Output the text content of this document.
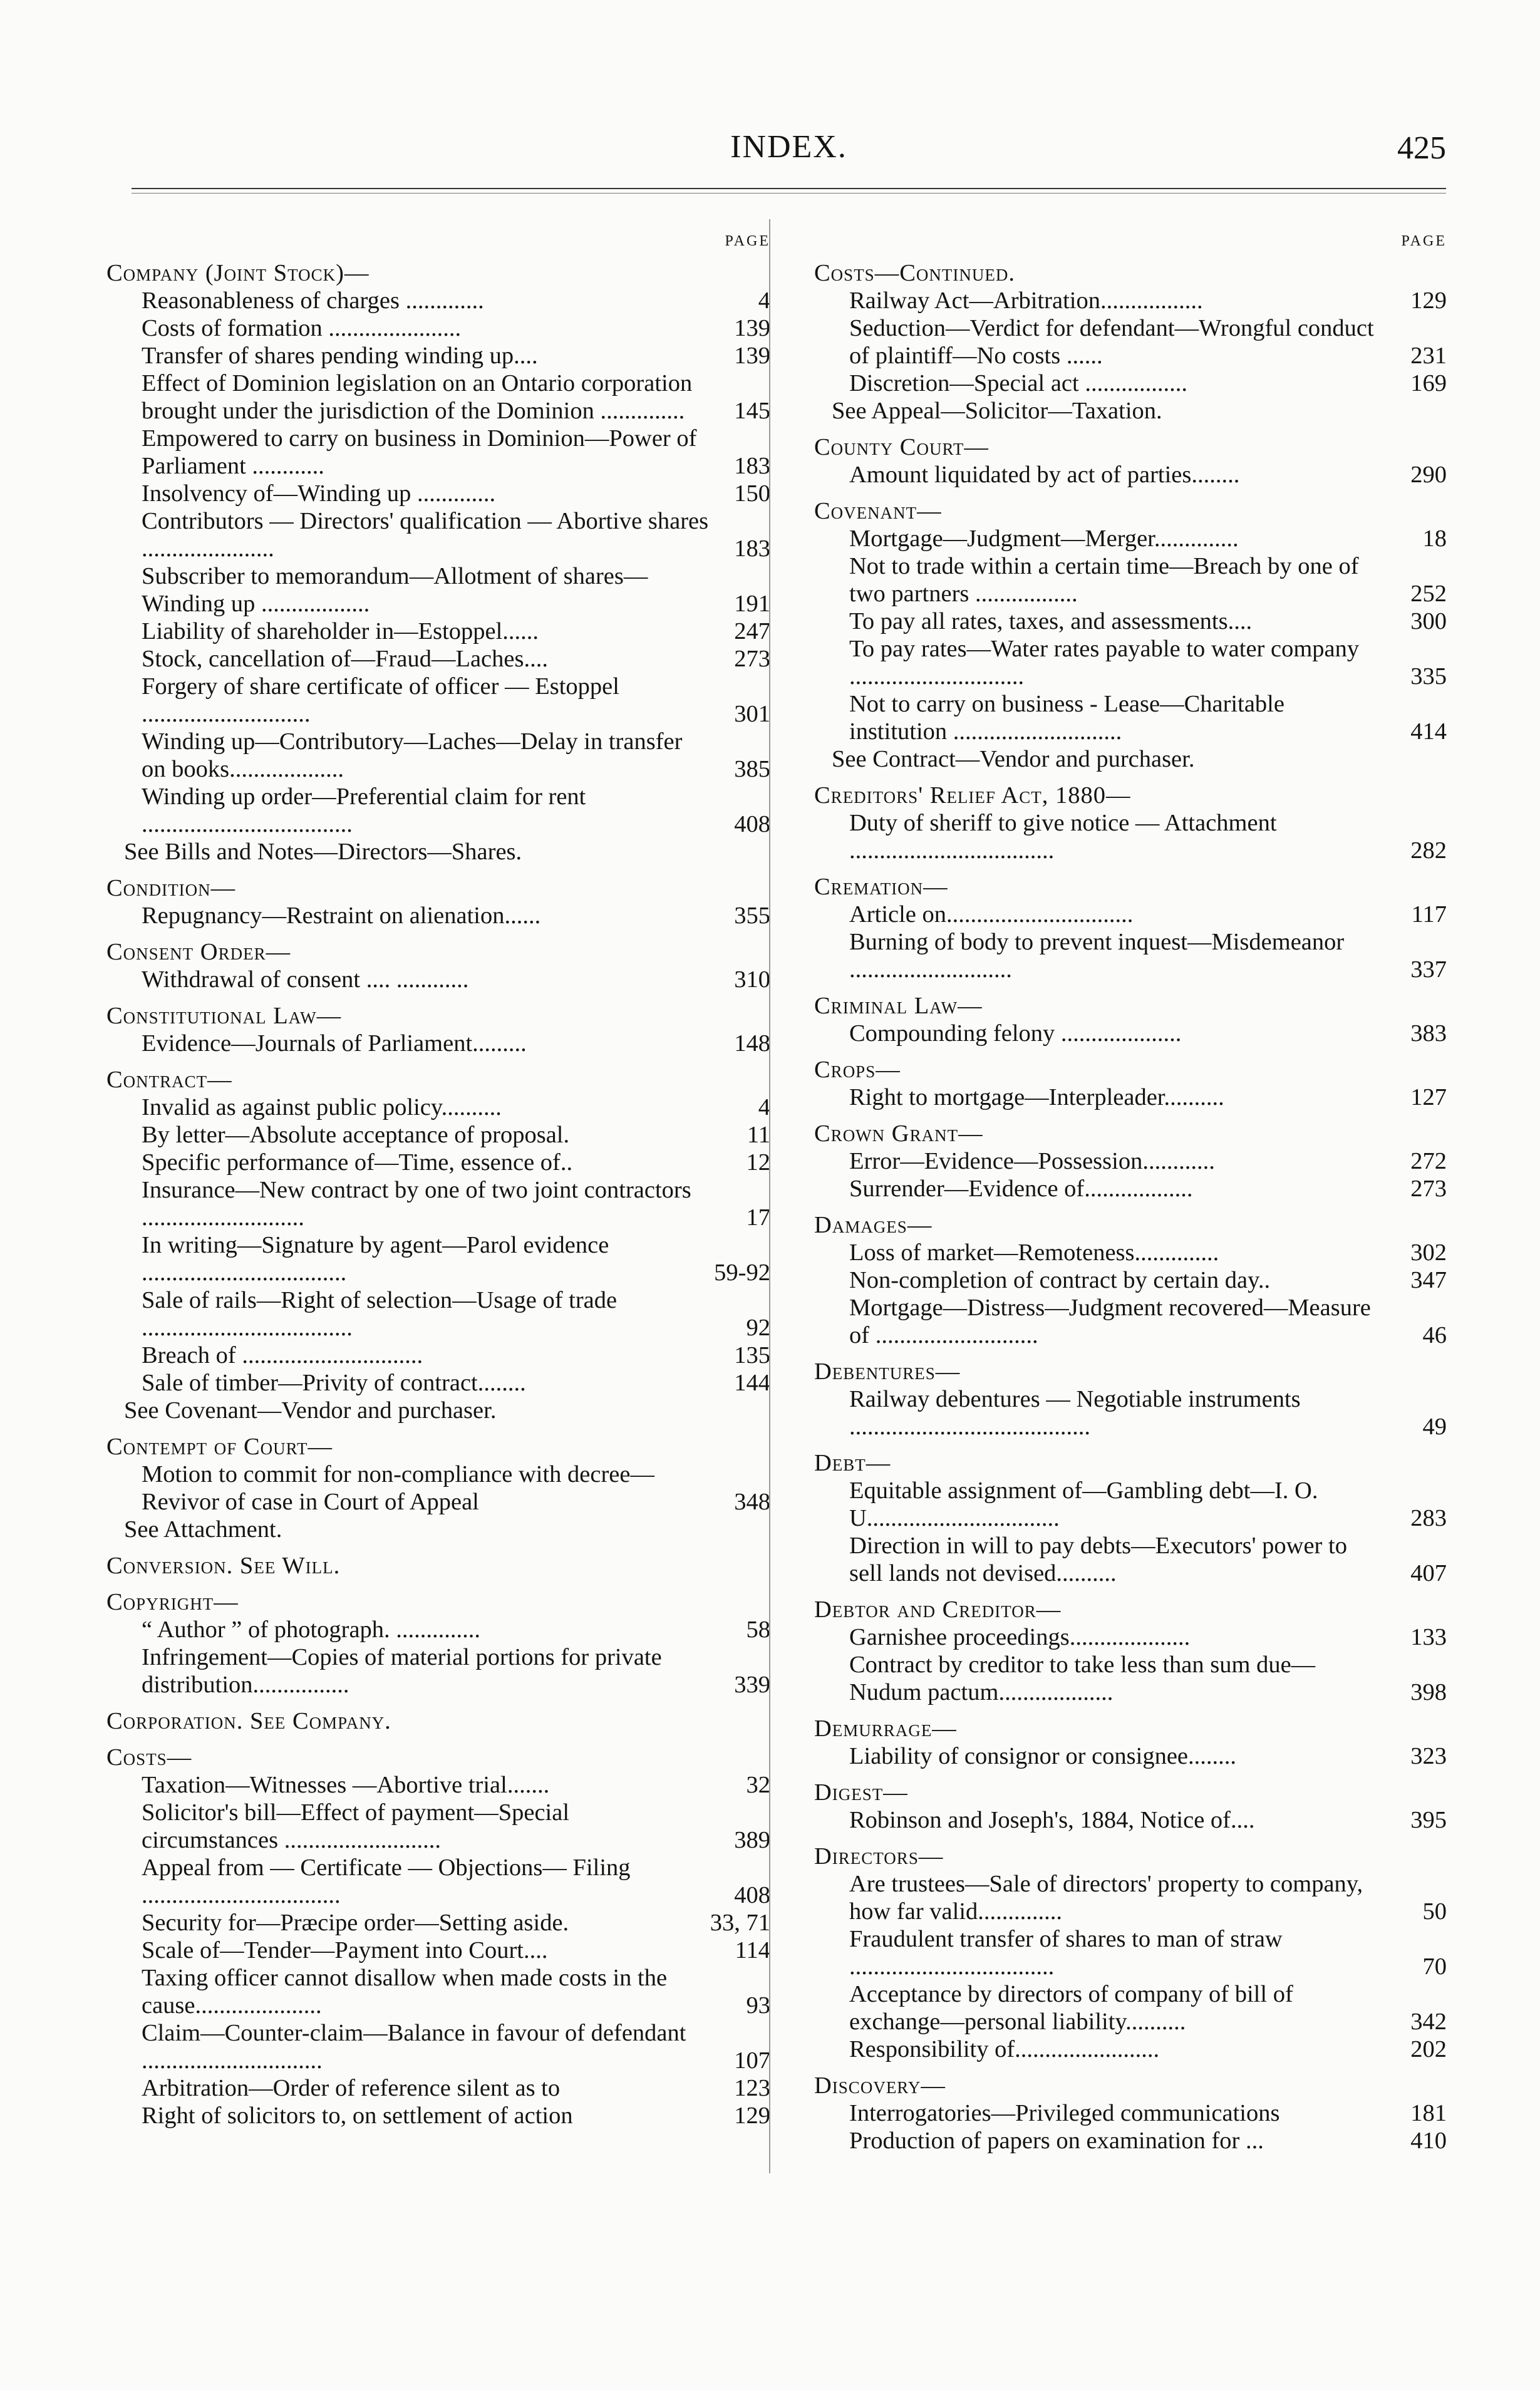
INDEX.	425
PAGE
Company (Joint Stock)—
Reasonableness of charges .............	4
Costs of formation ......................	139
Transfer of shares pending winding up....	139
Effect of Dominion legislation on an Ontario corporation brought under the jurisdiction of the Dominion ..............	145
Empowered to carry on business in Dominion—Power of Parliament ............	183
Insolvency of—Winding up .............	150
Contributors — Directors' qualification — Abortive shares ......................	183
Subscriber to memorandum—Allotment of shares—Winding up ..................	191
Liability of shareholder in—Estoppel......	247
Stock, cancellation of—Fraud—Laches....	273
Forgery of share certificate of officer — Estoppel ............................	301
Winding up—Contributory—Laches—Delay in transfer on books...................	385
Winding up order—Preferential claim for rent ...................................	408
See Bills and Notes—Directors—Shares.
Condition—
Repugnancy—Restraint on alienation......	355
Consent Order—
Withdrawal of consent .... ............	310
Constitutional Law—
Evidence—Journals of Parliament.........	148
Contract—
Invalid as against public policy..........	4
By letter—Absolute acceptance of proposal.	11
Specific performance of—Time, essence of..	12
Insurance—New contract by one of two joint contractors ...........................	17
In writing—Signature by agent—Parol evidence ..................................	59-92
Sale of rails—Right of selection—Usage of trade ...................................	92
Breach of ..............................	135
Sale of timber—Privity of contract........	144
See Covenant—Vendor and purchaser.
Contempt of Court—
Motion to commit for non-compliance with decree—Revivor of case in Court of Appeal	348
See Attachment.
Conversion. See Will.
Copyright—
“ Author ” of photograph. ..............	58
Infringement—Copies of material portions for private distribution................	339
Corporation. See Company.
Costs—
Taxation—Witnesses —Abortive trial.......	32
Solicitor's bill—Effect of payment—Special circumstances ..........................	389
Appeal from — Certificate — Objections— Filing .................................	408
Security for—Præcipe order—Setting aside.	33, 71
Scale of—Tender—Payment into Court....	114
Taxing officer cannot disallow when made costs in the cause.....................	93
Claim—Counter-claim—Balance in favour of defendant ..............................	107
Arbitration—Order of reference silent as to	123
Right of solicitors to, on settlement of action	129
PAGE
Costs—Continued.
Railway Act—Arbitration.................	129
Seduction—Verdict for defendant—Wrongful conduct of plaintiff—No costs ......	231
Discretion—Special act .................	169
See Appeal—Solicitor—Taxation.
County Court—
Amount liquidated by act of parties........	290
Covenant—
Mortgage—Judgment—Merger..............	18
Not to trade within a certain time—Breach by one of two partners .................	252
To pay all rates, taxes, and assessments....	300
To pay rates—Water rates payable to water company .............................	335
Not to carry on business - Lease—Charitable institution ............................	414
See Contract—Vendor and purchaser.
Creditors' Relief Act, 1880—
Duty of sheriff to give notice — Attachment ..................................	282
Cremation—
Article on...............................	117
Burning of body to prevent inquest—Misdemeanor ...........................	337
Criminal Law—
Compounding felony ....................	383
Crops—
Right to mortgage—Interpleader..........	127
Crown Grant—
Error—Evidence—Possession............	272
Surrender—Evidence of..................	273
Damages—
Loss of market—Remoteness..............	302
Non-completion of contract by certain day..	347
Mortgage—Distress—Judgment recovered—Measure of ...........................	46
Debentures—
Railway debentures — Negotiable instruments ........................................	49
Debt—
Equitable assignment of—Gambling debt—I. O. U................................	283
Direction in will to pay debts—Executors' power to sell lands not devised..........	407
Debtor and Creditor—
Garnishee proceedings....................	133
Contract by creditor to take less than sum due—Nudum pactum...................	398
Demurrage—
Liability of consignor or consignee........	323
Digest—
Robinson and Joseph's, 1884, Notice of....	395
Directors—
Are trustees—Sale of directors' property to company, how far valid..............	50
Fraudulent transfer of shares to man of straw ..................................	70
Acceptance by directors of company of bill of exchange—personal liability..........	342
Responsibility of........................	202
Discovery—
Interrogatories—Privileged communications	181
Production of papers on examination for ...	410
